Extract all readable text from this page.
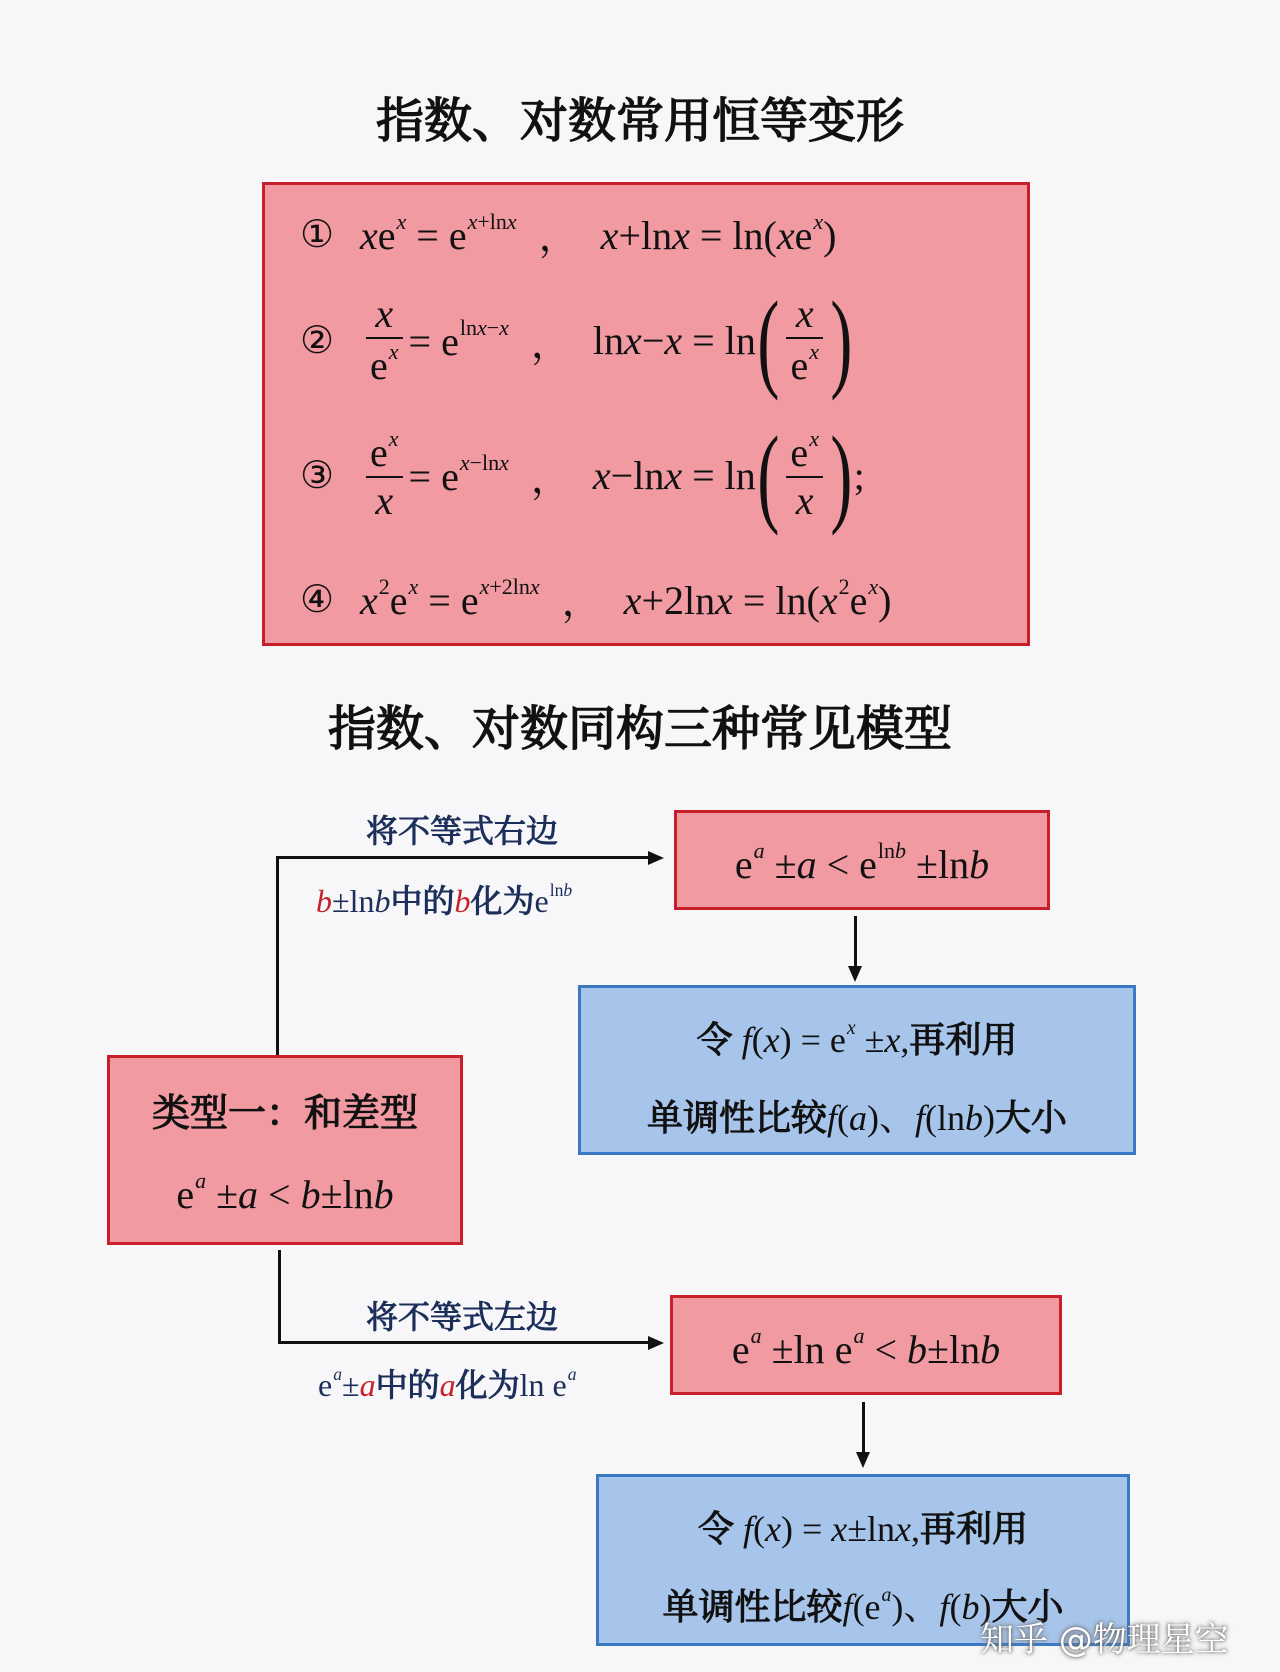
指数、对数常用恒等变形
① $xe^x = e^{x+lnx}$ ， $x+\ln x = \ln(xe^x)$
② $\frac{x}{e^x} = e^{lnx-x}$ ， lnx−x = ln ( $\frac{x}{e^x}$ )
③ $\frac{e^x}{x} = e^{x-lnx}$ ， x−lnx = ln ( $\frac{e^x}{x}$ ) ;
④ $x^2e^x = e^{x+2lnx}$ ， $x+2\ln x = \ln(x^2e^x)$
指数、对数同构三种常见模型
将不等式右边
b±lnb中的b化为$e^{lnb}$
将不等式左边
$e^a\pm a$中的a化为$\ln e^a$
类型一：和差型
$e^a \pm a < b\pm\ln b$
$e^a \pm a < e^{lnb} \pm\ln b$
令 $f(x) = e^x \pm x$,再利用
单调性比较f(a)、f(lnb)大小
$e^a \pm\ln$ $e^a < b\pm\ln b$
令 f(x) = x±lnx,再利用
单调性比较$f(e^a)$、f(b)大小
知乎 @物理星空
